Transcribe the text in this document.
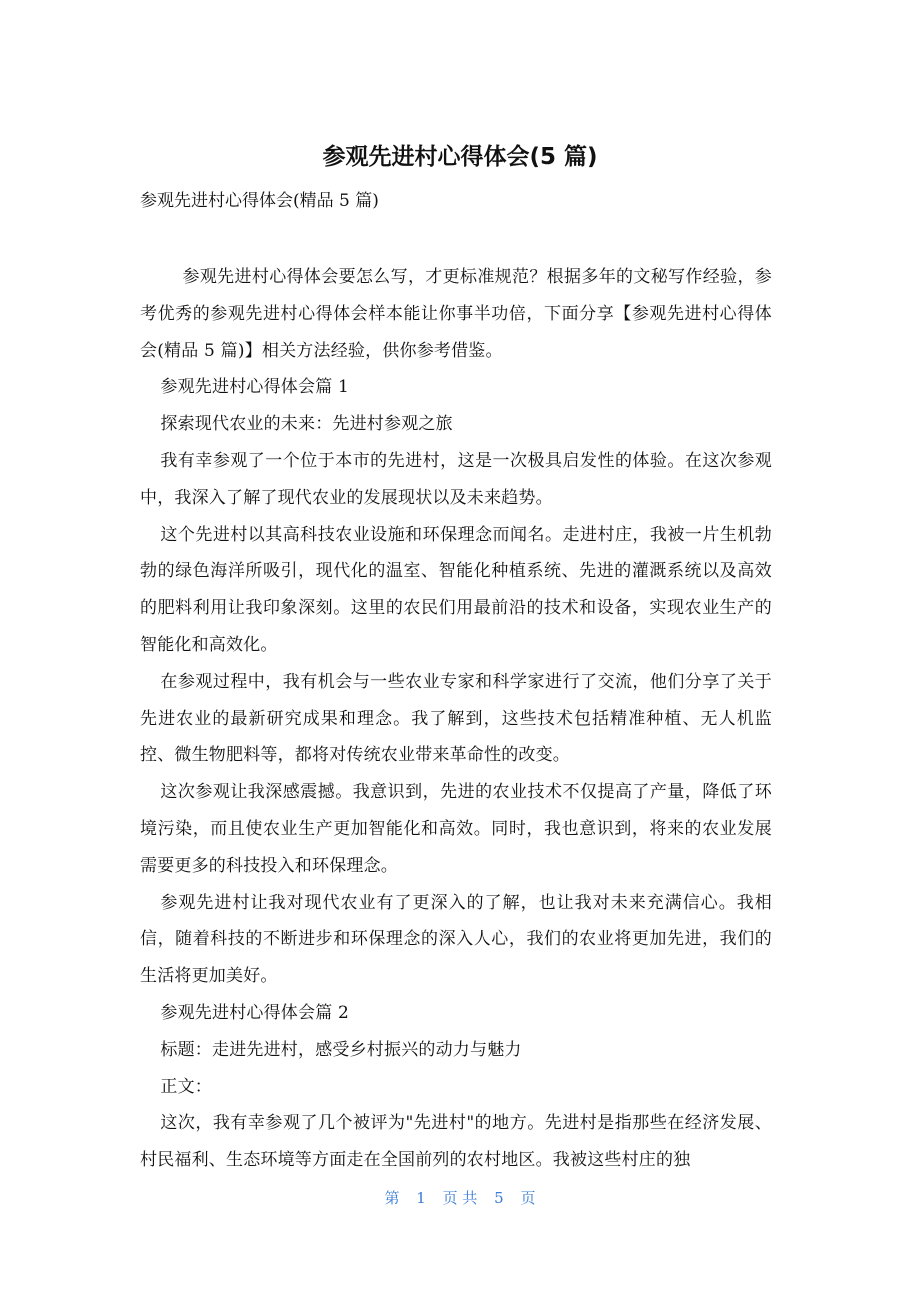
参观先进村心得体会(5 篇)
参观先进村心得体会(精品 5 篇)

参观先进村心得体会要怎么写，才更标准规范？根据多年的文秘写作经验，参考优秀的参观先进村心得体会样本能让你事半功倍，下面分享【参观先进村心得体会(精品 5 篇)】相关方法经验，供你参考借鉴。

参观先进村心得体会篇 1

探索现代农业的未来：先进村参观之旅

我有幸参观了一个位于本市的先进村，这是一次极具启发性的体验。在这次参观中，我深入了解了现代农业的发展现状以及未来趋势。

这个先进村以其高科技农业设施和环保理念而闻名。走进村庄，我被一片生机勃勃的绿色海洋所吸引，现代化的温室、智能化种植系统、先进的灌溉系统以及高效的肥料利用让我印象深刻。这里的农民们用最前沿的技术和设备，实现农业生产的智能化和高效化。

在参观过程中，我有机会与一些农业专家和科学家进行了交流，他们分享了关于先进农业的最新研究成果和理念。我了解到，这些技术包括精准种植、无人机监控、微生物肥料等，都将对传统农业带来革命性的改变。

这次参观让我深感震撼。我意识到，先进的农业技术不仅提高了产量，降低了环境污染，而且使农业生产更加智能化和高效。同时，我也意识到，将来的农业发展需要更多的科技投入和环保理念。

参观先进村让我对现代农业有了更深入的了解，也让我对未来充满信心。我相信，随着科技的不断进步和环保理念的深入人心，我们的农业将更加先进，我们的生活将更加美好。

参观先进村心得体会篇 2

标题：走进先进村，感受乡村振兴的动力与魅力

正文：

这次，我有幸参观了几个被评为"先进村"的地方。先进村是指那些在经济发展、村民福利、生态环境等方面走在全国前列的农村地区。我被这些村庄的独

第 1 页 共 5 页
